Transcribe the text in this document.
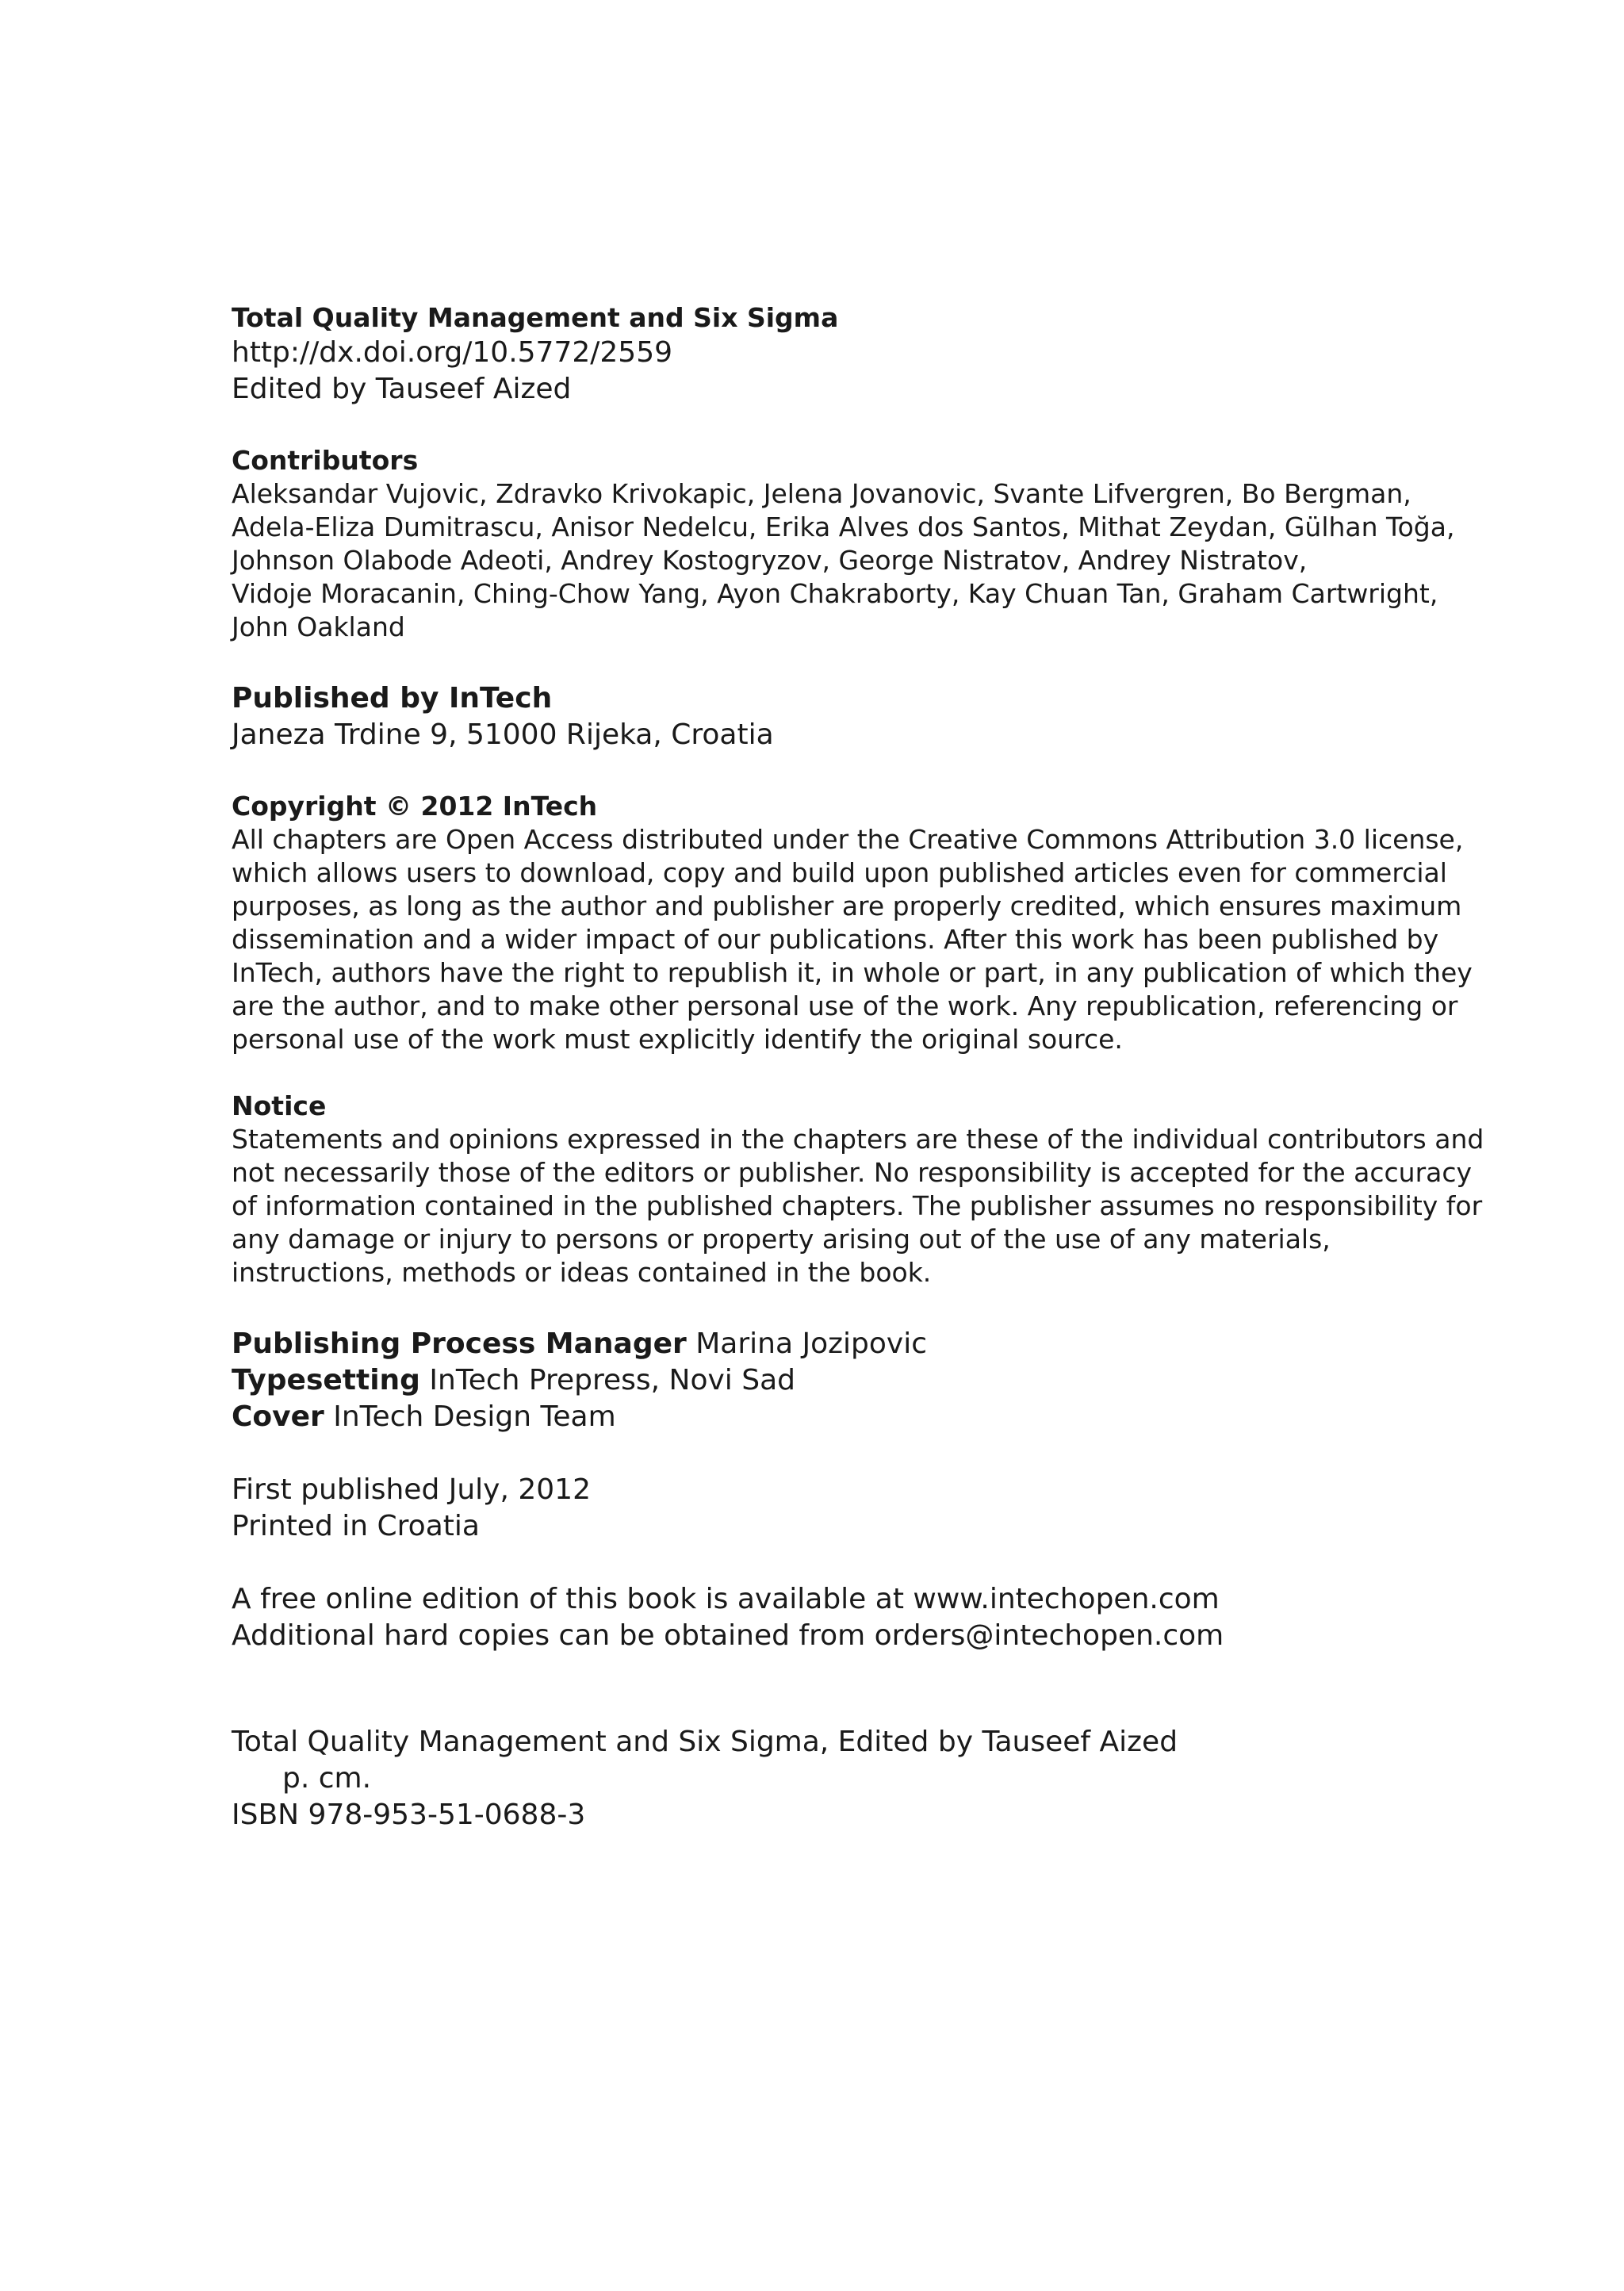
Total Quality Management and Six Sigma
http://dx.doi.org/10.5772/2559
Edited by Tauseef Aized
Contributors
Aleksandar Vujovic, Zdravko Krivokapic, Jelena Jovanovic, Svante Lifvergren, Bo Bergman,
Adela-Eliza Dumitrascu, Anisor Nedelcu, Erika Alves dos Santos, Mithat Zeydan, Gülhan Toğa,
Johnson Olabode Adeoti, Andrey Kostogryzov, George Nistratov, Andrey Nistratov,
Vidoje Moracanin, Ching-Chow Yang, Ayon Chakraborty, Kay Chuan Tan, Graham Cartwright,
John Oakland
Published by InTech
Janeza Trdine 9, 51000 Rijeka, Croatia
Copyright © 2012 InTech
All chapters are Open Access distributed under the Creative Commons Attribution 3.0 license,
which allows users to download, copy and build upon published articles even for commercial
purposes, as long as the author and publisher are properly credited, which ensures maximum
dissemination and a wider impact of our publications. After this work has been published by
InTech, authors have the right to republish it, in whole or part, in any publication of which they
are the author, and to make other personal use of the work. Any republication, referencing or
personal use of the work must explicitly identify the original source.
Notice
Statements and opinions expressed in the chapters are these of the individual contributors and
not necessarily those of the editors or publisher. No responsibility is accepted for the accuracy
of information contained in the published chapters. The publisher assumes no responsibility for
any damage or injury to persons or property arising out of the use of any materials,
instructions, methods or ideas contained in the book.
Publishing Process Manager Marina Jozipovic
Typesetting InTech Prepress, Novi Sad
Cover InTech Design Team
First published July, 2012
Printed in Croatia
A free online edition of this book is available at www.intechopen.com
Additional hard copies can be obtained from orders@intechopen.com
Total Quality Management and Six Sigma, Edited by Tauseef Aized
p. cm.
ISBN 978-953-51-0688-3
